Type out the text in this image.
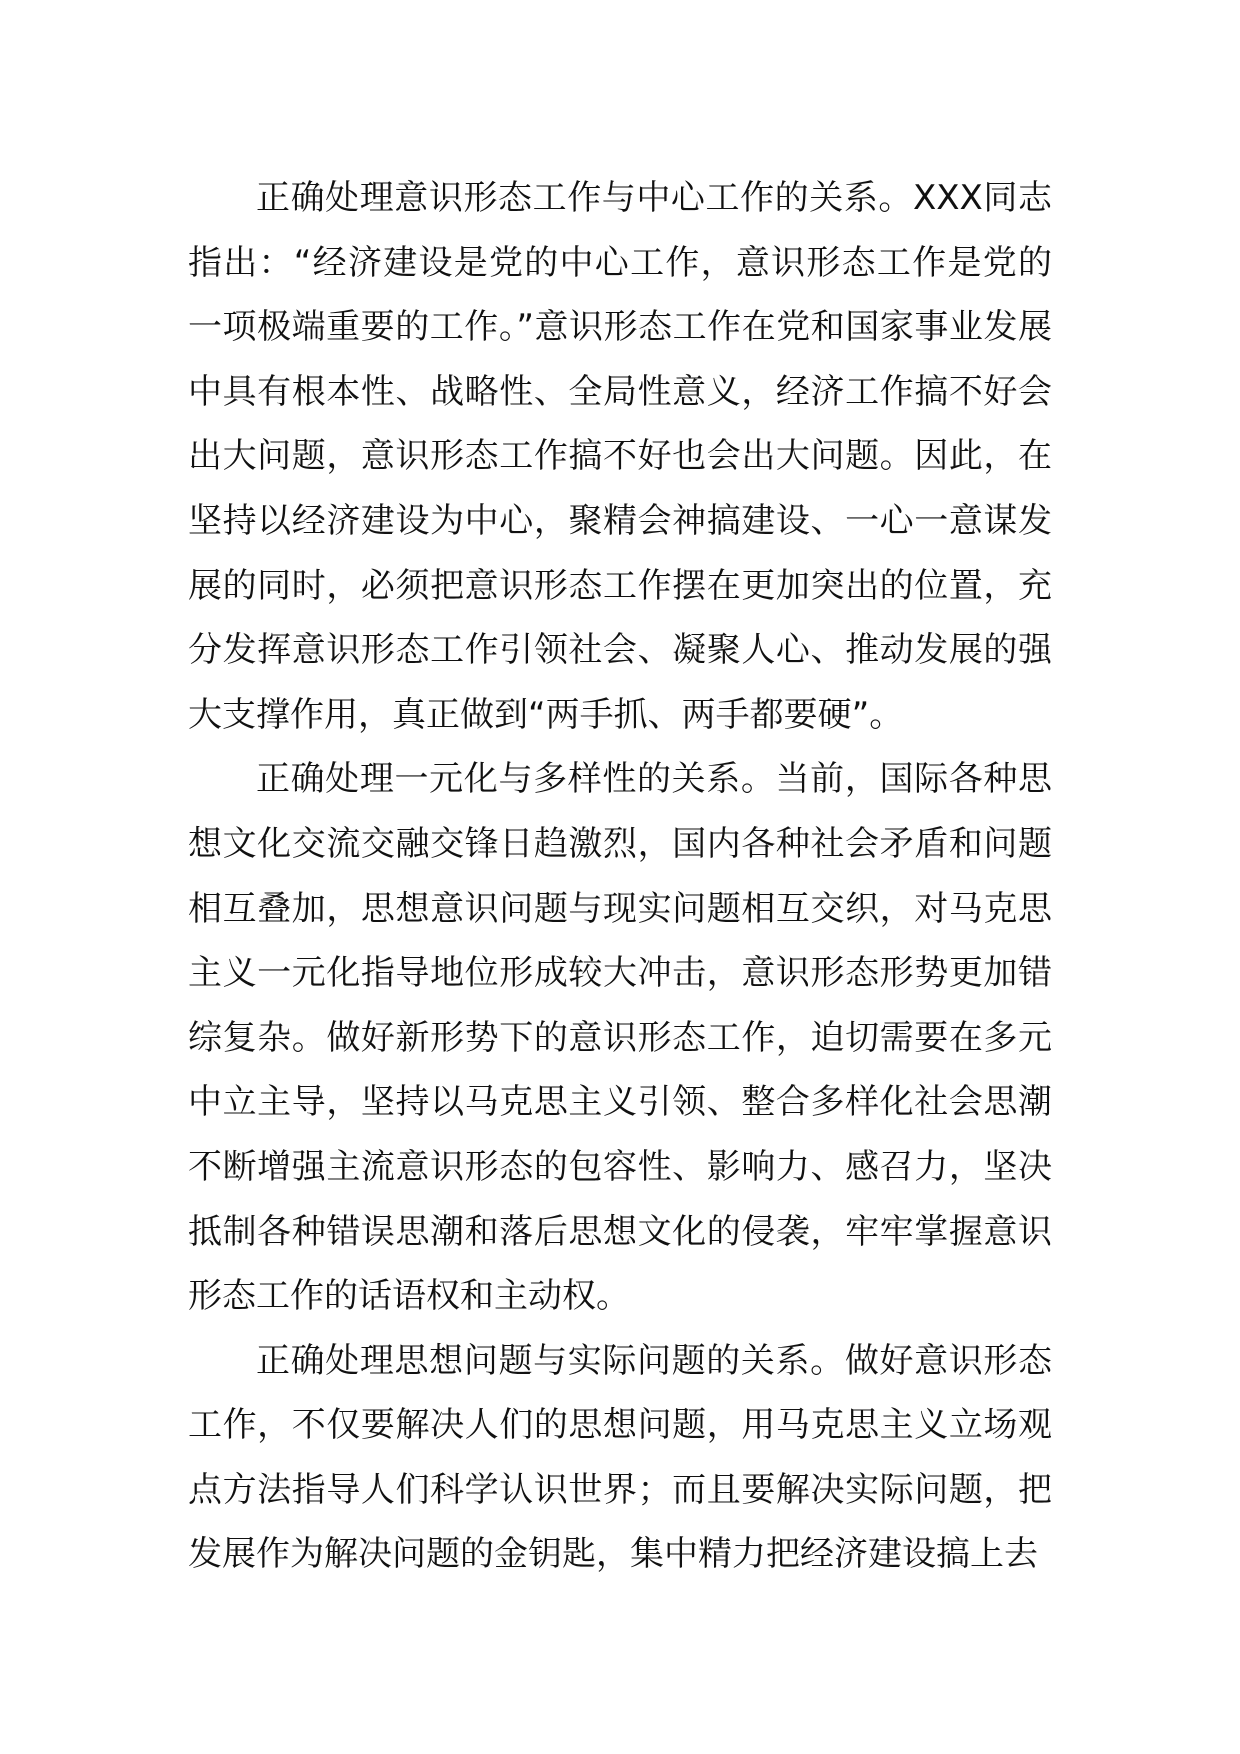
正确处理意识形态工作与中心工作的关系。XXX同志指出：“经济建设是党的中心工作，意识形态工作是党的一项极端重要的工作。”意识形态工作在党和国家事业发展中具有根本性、战略性、全局性意义，经济工作搞不好会出大问题，意识形态工作搞不好也会出大问题。因此，在坚持以经济建设为中心，聚精会神搞建设、一心一意谋发展的同时，必须把意识形态工作摆在更加突出的位置，充分发挥意识形态工作引领社会、凝聚人心、推动发展的强大支撑作用，真正做到“两手抓、两手都要硬”。

正确处理一元化与多样性的关系。当前，国际各种思想文化交流交融交锋日趋激烈，国内各种社会矛盾和问题相互叠加，思想意识问题与现实问题相互交织，对马克思主义一元化指导地位形成较大冲击，意识形态形势更加错综复杂。做好新形势下的意识形态工作，迫切需要在多元中立主导，坚持以马克思主义引领、整合多样化社会思潮不断增强主流意识形态的包容性、影响力、感召力，坚决抵制各种错误思潮和落后思想文化的侵袭，牢牢掌握意识形态工作的话语权和主动权。

正确处理思想问题与实际问题的关系。做好意识形态工作，不仅要解决人们的思想问题，用马克思主义立场观点方法指导人们科学认识世界；而且要解决实际问题，把发展作为解决问题的金钥匙，集中精力把经济建设搞上去
